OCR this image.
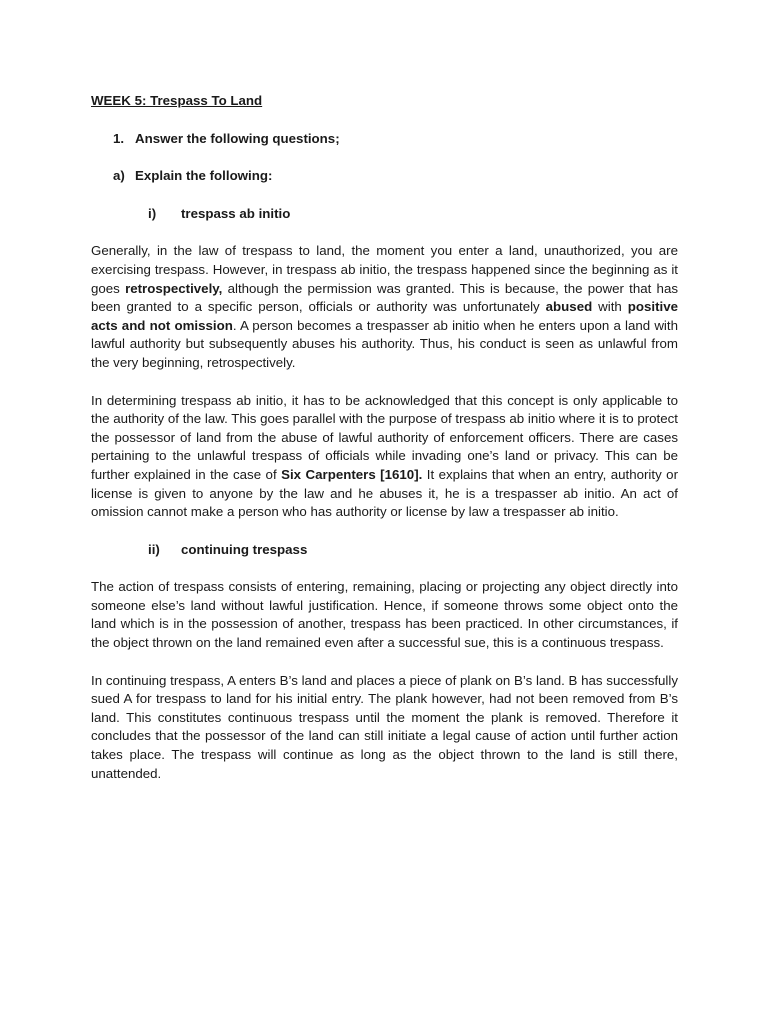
WEEK 5: Trespass To Land
1. Answer the following questions;
a) Explain the following:
i) trespass ab initio

Generally, in the law of trespass to land, the moment you enter a land, unauthorized, you are exercising trespass. However, in trespass ab initio, the trespass happened since the beginning as it goes retrospectively, although the permission was granted. This is because, the power that has been granted to a specific person, officials or authority was unfortunately abused with positive acts and not omission. A person becomes a trespasser ab initio when he enters upon a land with lawful authority but subsequently abuses his authority. Thus, his conduct is seen as unlawful from the very beginning, retrospectively.

In determining trespass ab initio, it has to be acknowledged that this concept is only applicable to the authority of the law. This goes parallel with the purpose of trespass ab initio where it is to protect the possessor of land from the abuse of lawful authority of enforcement officers. There are cases pertaining to the unlawful trespass of officials while invading one’s land or privacy. This can be further explained in the case of Six Carpenters [1610]. It explains that when an entry, authority or license is given to anyone by the law and he abuses it, he is a trespasser ab initio. An act of omission cannot make a person who has authority or license by law a trespasser ab initio.

ii) continuing trespass

The action of trespass consists of entering, remaining, placing or projecting any object directly into someone else’s land without lawful justification. Hence, if someone throws some object onto the land which is in the possession of another, trespass has been practiced. In other circumstances, if the object thrown on the land remained even after a successful sue, this is a continuous trespass.

In continuing trespass, A enters B’s land and places a piece of plank on B’s land. B has successfully sued A for trespass to land for his initial entry. The plank however, had not been removed from B’s land. This constitutes continuous trespass until the moment the plank is removed. Therefore it concludes that the possessor of the land can still initiate a legal cause of action until further action takes place. The trespass will continue as long as the object thrown to the land is still there, unattended.
